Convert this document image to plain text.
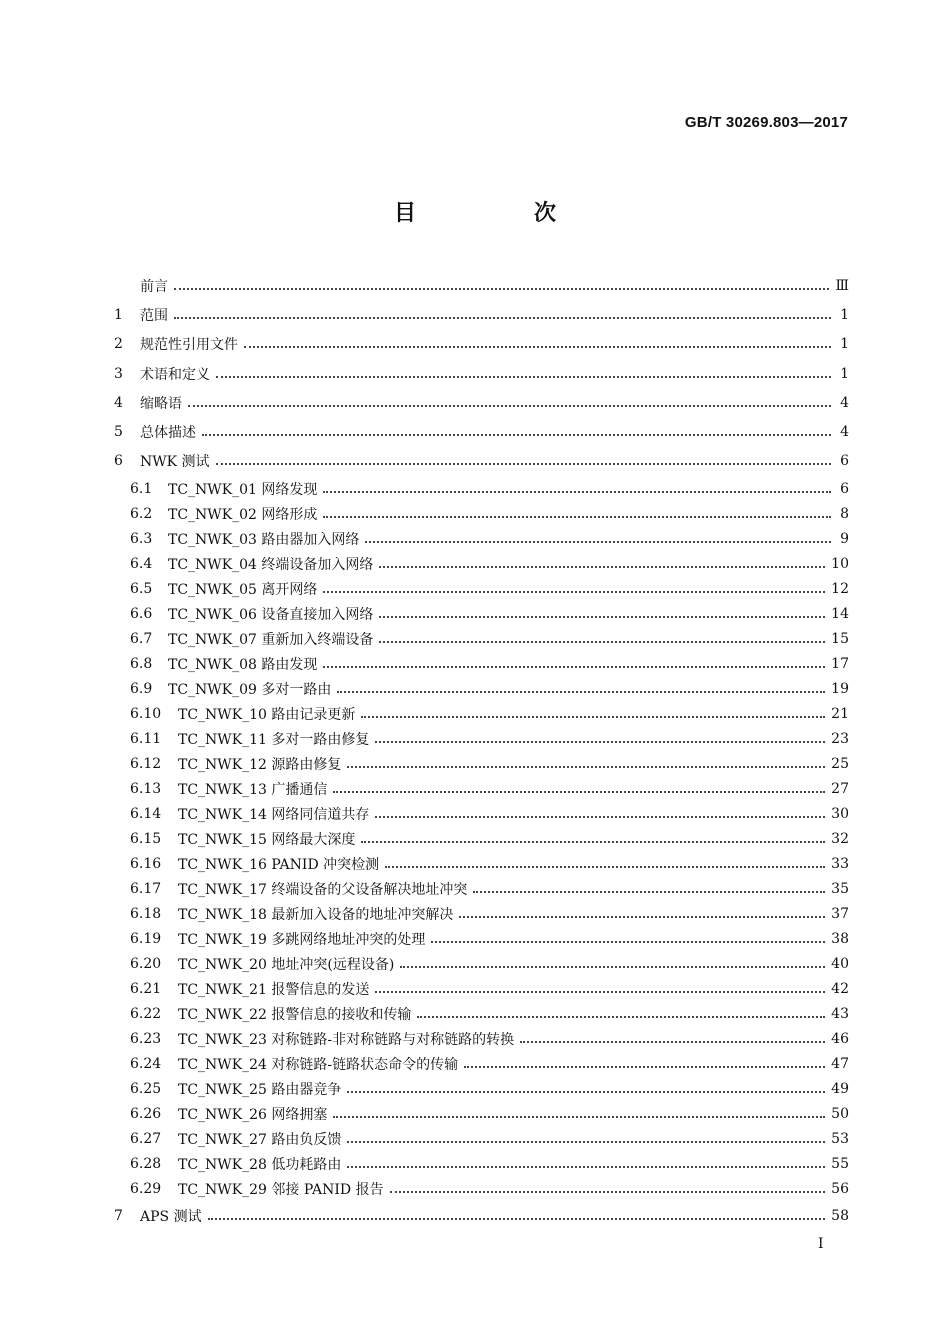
GB/T 30269.803—2017
目　次
前言	Ⅲ
1	范围	1
2	规范性引用文件	1
3	术语和定义	1
4	缩略语	4
5	总体描述	4
6	NWK 测试	6
6.1	TC_NWK_01 网络发现	6
6.2	TC_NWK_02 网络形成	8
6.3	TC_NWK_03 路由器加入网络	9
6.4	TC_NWK_04 终端设备加入网络	10
6.5	TC_NWK_05 离开网络	12
6.6	TC_NWK_06 设备直接加入网络	14
6.7	TC_NWK_07 重新加入终端设备	15
6.8	TC_NWK_08 路由发现	17
6.9	TC_NWK_09 多对一路由	19
6.10	TC_NWK_10 路由记录更新	21
6.11	TC_NWK_11 多对一路由修复	23
6.12	TC_NWK_12 源路由修复	25
6.13	TC_NWK_13 广播通信	27
6.14	TC_NWK_14 网络同信道共存	30
6.15	TC_NWK_15 网络最大深度	32
6.16	TC_NWK_16 PANID 冲突检测	33
6.17	TC_NWK_17 终端设备的父设备解决地址冲突	35
6.18	TC_NWK_18 最新加入设备的地址冲突解决	37
6.19	TC_NWK_19 多跳网络地址冲突的处理	38
6.20	TC_NWK_20 地址冲突(远程设备)	40
6.21	TC_NWK_21 报警信息的发送	42
6.22	TC_NWK_22 报警信息的接收和传输	43
6.23	TC_NWK_23 对称链路-非对称链路与对称链路的转换	46
6.24	TC_NWK_24 对称链路-链路状态命令的传输	47
6.25	TC_NWK_25 路由器竞争	49
6.26	TC_NWK_26 网络拥塞	50
6.27	TC_NWK_27 路由负反馈	53
6.28	TC_NWK_28 低功耗路由	55
6.29	TC_NWK_29 邻接 PANID 报告	56
7	APS 测试	58
I
